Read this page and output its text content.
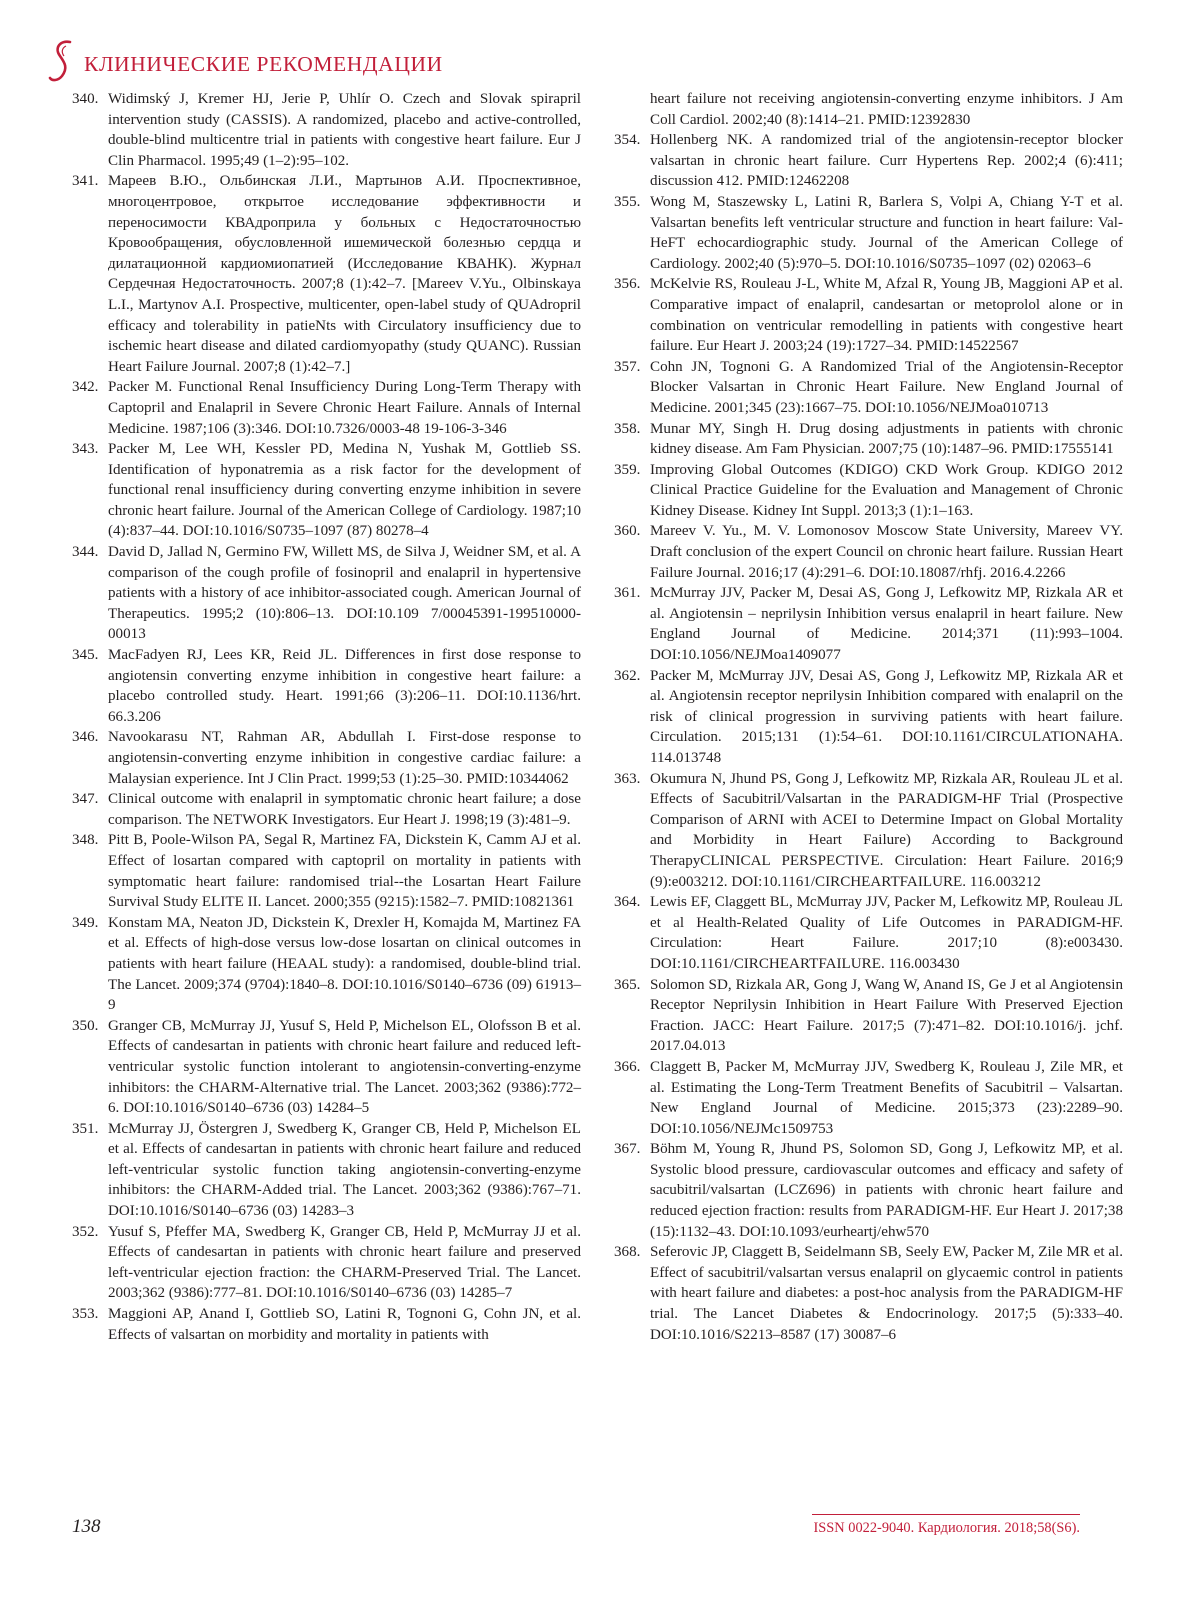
КЛИНИЧЕСКИЕ РЕКОМЕНДАЦИИ
340. Widimský J, Kremer HJ, Jerie P, Uhlír O. Czech and Slovak spirapril intervention study (CASSIS). A randomized, placebo and active-controlled, double-blind multicentre trial in patients with congestive heart failure. Eur J Clin Pharmacol. 1995;49 (1–2):95–102.
341. Мареев В.Ю., Ольбинская Л.И., Мартынов А.И. Проспективное, многоцентровое, открытое исследование эффективности и переносимости КВАдроприла у больных с Недостаточностью Кровообращения, обусловленной ишемической болезнью сердца и дилатационной кардиомиопатией (Исследование КВАНК). Журнал Сердечная Недостаточность. 2007;8 (1):42–7. [Mareev V.Yu., Olbinskaya L.I., Martynov A.I. Prospective, multicenter, open-label study of QUAdropril efficacy and tolerability in patieNts with Circulatory insufficiency due to ischemic heart disease and dilated cardiomyopathy (study QUANC). Russian Heart Failure Journal. 2007;8 (1):42–7.]
342. Packer M. Functional Renal Insufficiency During Long-Term Therapy with Captopril and Enalapril in Severe Chronic Heart Failure. Annals of Internal Medicine. 1987;106 (3):346. DOI:10.7326/0003-48 19-106-3-346
343. Packer M, Lee WH, Kessler PD, Medina N, Yushak M, Gottlieb SS. Identification of hyponatremia as a risk factor for the development of functional renal insufficiency during converting enzyme inhibition in severe chronic heart failure. Journal of the American College of Cardiology. 1987;10 (4):837–44. DOI:10.1016/S0735–1097 (87) 80278–4
344. David D, Jallad N, Germino FW, Willett MS, de Silva J, Weidner SM, et al. A comparison of the cough profile of fosinopril and enalapril in hypertensive patients with a history of ace inhibitor-associated cough. American Journal of Therapeutics. 1995;2 (10):806–13. DOI:10.109 7/00045391-199510000-00013
345. MacFadyen RJ, Lees KR, Reid JL. Differences in first dose response to angiotensin converting enzyme inhibition in congestive heart failure: a placebo controlled study. Heart. 1991;66 (3):206–11. DOI:10.1136/hrt. 66.3.206
346. Navookarasu NT, Rahman AR, Abdullah I. First-dose response to angiotensin-converting enzyme inhibition in congestive cardiac failure: a Malaysian experience. Int J Clin Pract. 1999;53 (1):25–30. PMID:10344062
347. Clinical outcome with enalapril in symptomatic chronic heart failure; a dose comparison. The NETWORK Investigators. Eur Heart J. 1998;19 (3):481–9.
348. Pitt B, Poole-Wilson PA, Segal R, Martinez FA, Dickstein K, Camm AJ et al. Effect of losartan compared with captopril on mortality in patients with symptomatic heart failure: randomised trial--the Losartan Heart Failure Survival Study ELITE II. Lancet. 2000;355 (9215):1582–7. PMID:10821361
349. Konstam MA, Neaton JD, Dickstein K, Drexler H, Komajda M, Martinez FA et al. Effects of high-dose versus low-dose losartan on clinical outcomes in patients with heart failure (HEAAL study): a randomised, double-blind trial. The Lancet. 2009;374 (9704):1840–8. DOI:10.1016/S0140–6736 (09) 61913–9
350. Granger CB, McMurray JJ, Yusuf S, Held P, Michelson EL, Olofsson B et al. Effects of candesartan in patients with chronic heart failure and reduced left-ventricular systolic function intolerant to angiotensin-converting-enzyme inhibitors: the CHARM-Alternative trial. The Lancet. 2003;362 (9386):772–6. DOI:10.1016/S0140–6736 (03) 14284–5
351. McMurray JJ, Östergren J, Swedberg K, Granger CB, Held P, Michelson EL et al. Effects of candesartan in patients with chronic heart failure and reduced left-ventricular systolic function taking angiotensin-converting-enzyme inhibitors: the CHARM-Added trial. The Lancet. 2003;362 (9386):767–71. DOI:10.1016/S0140–6736 (03) 14283–3
352. Yusuf S, Pfeffer MA, Swedberg K, Granger CB, Held P, McMurray JJ et al. Effects of candesartan in patients with chronic heart failure and preserved left-ventricular ejection fraction: the CHARM-Preserved Trial. The Lancet. 2003;362 (9386):777–81. DOI:10.1016/S0140–6736 (03) 14285–7
353. Maggioni AP, Anand I, Gottlieb SO, Latini R, Tognoni G, Cohn JN, et al. Effects of valsartan on morbidity and mortality in patients with
heart failure not receiving angiotensin-converting enzyme inhibitors. J Am Coll Cardiol. 2002;40 (8):1414–21. PMID:12392830
354. Hollenberg NK. A randomized trial of the angiotensin-receptor blocker valsartan in chronic heart failure. Curr Hypertens Rep. 2002;4 (6):411; discussion 412. PMID:12462208
355. Wong M, Staszewsky L, Latini R, Barlera S, Volpi A, Chiang Y-T et al. Valsartan benefits left ventricular structure and function in heart failure: Val-HeFT echocardiographic study. Journal of the American College of Cardiology. 2002;40 (5):970–5. DOI:10.1016/S0735–1097 (02) 02063–6
356. McKelvie RS, Rouleau J-L, White M, Afzal R, Young JB, Maggioni AP et al. Comparative impact of enalapril, candesartan or metoprolol alone or in combination on ventricular remodelling in patients with congestive heart failure. Eur Heart J. 2003;24 (19):1727–34. PMID:14522567
357. Cohn JN, Tognoni G. A Randomized Trial of the Angiotensin-Receptor Blocker Valsartan in Chronic Heart Failure. New England Journal of Medicine. 2001;345 (23):1667–75. DOI:10.1056/NEJMoa010713
358. Munar MY, Singh H. Drug dosing adjustments in patients with chronic kidney disease. Am Fam Physician. 2007;75 (10):1487–96. PMID:17555141
359. Improving Global Outcomes (KDIGO) CKD Work Group. KDIGO 2012 Clinical Practice Guideline for the Evaluation and Management of Chronic Kidney Disease. Kidney Int Suppl. 2013;3 (1):1–163.
360. Mareev V. Yu., M. V. Lomonosov Moscow State University, Mareev VY. Draft conclusion of the expert Council on chronic heart failure. Russian Heart Failure Journal. 2016;17 (4):291–6. DOI:10.18087/rhfj. 2016.4.2266
361. McMurray JJV, Packer M, Desai AS, Gong J, Lefkowitz MP, Rizkala AR et al. Angiotensin – neprilysin Inhibition versus enalapril in heart failure. New England Journal of Medicine. 2014;371 (11):993–1004. DOI:10.1056/NEJMoa1409077
362. Packer M, McMurray JJV, Desai AS, Gong J, Lefkowitz MP, Rizkala AR et al. Angiotensin receptor neprilysin Inhibition compared with enalapril on the risk of clinical progression in surviving patients with heart failure. Circulation. 2015;131 (1):54–61. DOI:10.1161/CIRCULATIONAHA. 114.013748
363. Okumura N, Jhund PS, Gong J, Lefkowitz MP, Rizkala AR, Rouleau JL et al. Effects of Sacubitril/Valsartan in the PARADIGM-HF Trial (Prospective Comparison of ARNI with ACEI to Determine Impact on Global Mortality and Morbidity in Heart Failure) According to Background TherapyCLINICAL PERSPECTIVE. Circulation: Heart Failure. 2016;9 (9):e003212. DOI:10.1161/CIRCHEARTFAILURE. 116.003212
364. Lewis EF, Claggett BL, McMurray JJV, Packer M, Lefkowitz MP, Rouleau JL et al Health-Related Quality of Life Outcomes in PARADIGM-HF. Circulation: Heart Failure. 2017;10 (8):e003430. DOI:10.1161/CIRCHEARTFAILURE. 116.003430
365. Solomon SD, Rizkala AR, Gong J, Wang W, Anand IS, Ge J et al Angiotensin Receptor Neprilysin Inhibition in Heart Failure With Preserved Ejection Fraction. JACC: Heart Failure. 2017;5 (7):471–82. DOI:10.1016/j. jchf. 2017.04.013
366. Claggett B, Packer M, McMurray JJV, Swedberg K, Rouleau J, Zile MR, et al. Estimating the Long-Term Treatment Benefits of Sacubitril – Valsartan. New England Journal of Medicine. 2015;373 (23):2289–90. DOI:10.1056/NEJMc1509753
367. Böhm M, Young R, Jhund PS, Solomon SD, Gong J, Lefkowitz MP, et al. Systolic blood pressure, cardiovascular outcomes and efficacy and safety of sacubitril/valsartan (LCZ696) in patients with chronic heart failure and reduced ejection fraction: results from PARADIGM-HF. Eur Heart J. 2017;38 (15):1132–43. DOI:10.1093/eurheartj/ehw570
368. Seferovic JP, Claggett B, Seidelmann SB, Seely EW, Packer M, Zile MR et al. Effect of sacubitril/valsartan versus enalapril on glycaemic control in patients with heart failure and diabetes: a post-hoc analysis from the PARADIGM-HF trial. The Lancet Diabetes & Endocrinology. 2017;5 (5):333–40. DOI:10.1016/S2213–8587 (17) 30087–6
138	ISSN 0022-9040. Кардиология. 2018;58(S6).
